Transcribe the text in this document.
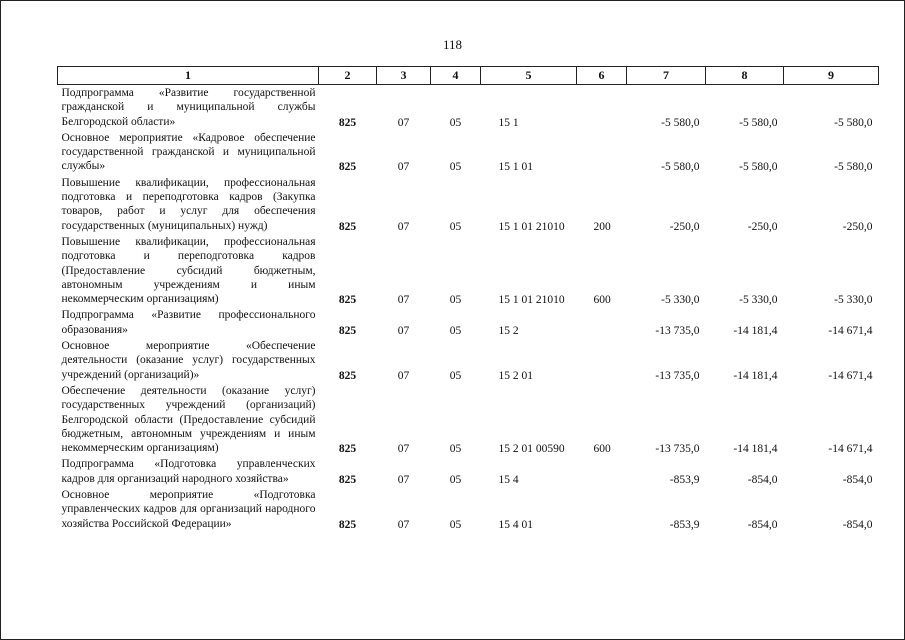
118
1	2	3	4	5	6	7	8	9
Подпрограмма «Развитие государственной гражданской и муниципальной службы Белгородской области»	825	07	05	15 1		-5 580,0	-5 580,0	-5 580,0
Основное мероприятие «Кадровое обеспечение государственной гражданской и муниципальной службы»	825	07	05	15 1 01		-5 580,0	-5 580,0	-5 580,0
Повышение квалификации, профессиональная подготовка и переподготовка кадров (Закупка товаров, работ и услуг для обеспечения государственных (муниципальных) нужд)	825	07	05	15 1 01 21010	200	-250,0	-250,0	-250,0
Повышение квалификации, профессиональная подготовка и переподготовка кадров (Предоставление субсидий бюджетным, автономным учреждениям и иным некоммерческим организациям)	825	07	05	15 1 01 21010	600	-5 330,0	-5 330,0	-5 330,0
Подпрограмма «Развитие профессионального образования»	825	07	05	15 2		-13 735,0	-14 181,4	-14 671,4
Основное мероприятие «Обеспечение деятельности (оказание услуг) государственных учреждений (организаций)»	825	07	05	15 2 01		-13 735,0	-14 181,4	-14 671,4
Обеспечение деятельности (оказание услуг) государственных учреждений (организаций) Белгородской области (Предоставление субсидий бюджетным, автономным учреждениям и иным некоммерческим организациям)	825	07	05	15 2 01 00590	600	-13 735,0	-14 181,4	-14 671,4
Подпрограмма «Подготовка управленческих кадров для организаций народного хозяйства»	825	07	05	15 4		-853,9	-854,0	-854,0
Основное мероприятие «Подготовка управленческих кадров для организаций народного хозяйства Российской Федерации»	825	07	05	15 4 01		-853,9	-854,0	-854,0
